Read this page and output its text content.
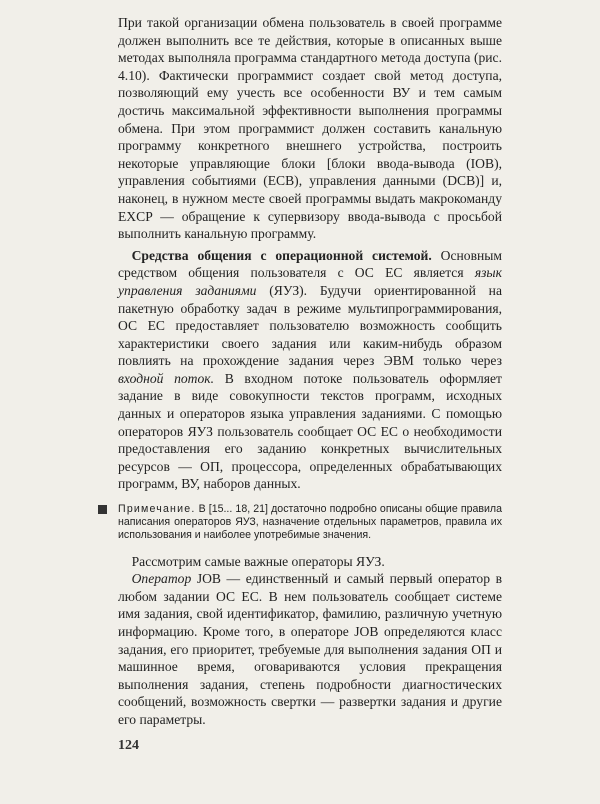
При такой организации обмена пользователь в своей программе должен выполнить все те действия, которые в описанных выше методах выполняла программа стандартного метода доступа (рис. 4.10). Фактически программист создает свой метод доступа, позволяющий ему учесть все особенности ВУ и тем самым достичь максимальной эффективности выполнения программы обмена. При этом программист должен составить канальную программу конкретного внешнего устройства, построить некоторые управляющие блоки [блоки ввода-вывода (IOB), управления событиями (ECB), управления данными (DCB)] и, наконец, в нужном месте своей программы выдать макрокоманду EXCP — обращение к супервизору ввода-вывода с просьбой выполнить канальную программу.

 Средства общения с операционной системой. Основным средством общения пользователя с ОС ЕС является язык управления заданиями (ЯУЗ). Будучи ориентированной на пакетную обработку задач в режиме мультипрограммирования, ОС ЕС предоставляет пользователю возможность сообщить характеристики своего задания или каким-нибудь образом повлиять на прохождение задания через ЭВМ только через входной поток. В входном потоке пользователь оформляет задание в виде совокупности текстов программ, исходных данных и операторов языка управления заданиями. С помощью операторов ЯУЗ пользователь сообщает ОС ЕС о необходимости предоставления его заданию конкретных вычислительных ресурсов — ОП, процессора, определенных обрабатывающих программ, ВУ, наборов данных.

Примечание. В [15... 18, 21] достаточно подробно описаны общие правила написания операторов ЯУЗ, назначение отдельных параметров, правила их использования и наиболее употребимые значения.

 Рассмотрим самые важные операторы ЯУЗ.

 Оператор JOB — единственный и самый первый оператор в любом задании ОС ЕС. В нем пользователь сообщает системе имя задания, свой идентификатор, фамилию, различную учетную информацию. Кроме того, в операторе JOB определяются класс задания, его приоритет, требуемые для выполнения задания ОП и машинное время, оговариваются условия прекращения выполнения задания, степень подробности диагностических сообщений, возможность свертки — развертки задания и другие его параметры.

124
